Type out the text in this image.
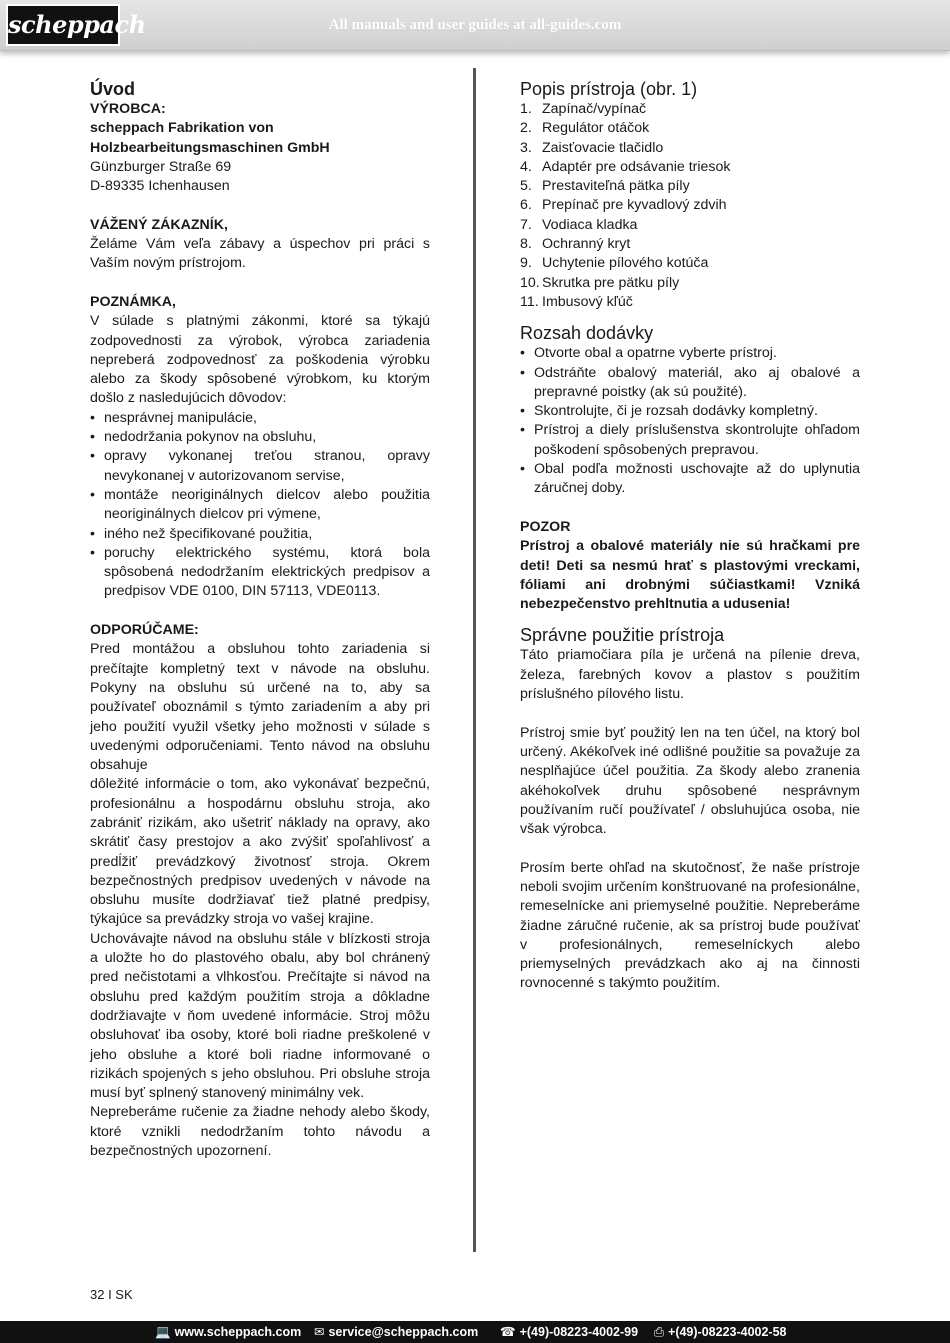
scheppach	All manuals and user guides at all-guides.com
Úvod
VÝROBCA:
scheppach Fabrikation von
Holzbearbeitungsmaschinen GmbH
Günzburger Straße 69
D-89335 Ichenhausen
VÁŽENÝ ZÁKAZNÍK,
Želáme Vám veľa zábavy a úspechov pri práci s Vaším novým prístrojom.
POZNÁMKA,
V súlade s platnými zákonmi, ktoré sa týkajú zodpovednosti za výrobok, výrobca zariadenia nepreberá zodpovednosť za poškodenia výrobku alebo za škody spôsobené výrobkom, ku ktorým došlo z nasledujúcich dôvodov:
• nesprávnej manipulácie,
• nedodržania pokynov na obsluhu,
• opravy vykonanej treťou stranou, opravy nevykonanej v autorizovanom servise,
• montáže neoriginálnych dielcov alebo použitia neoriginálnych dielcov pri výmene,
• iného než špecifikované použitia,
• poruchy elektrického systému, ktorá bola spôsobená nedodržaním elektrických predpisov a predpisov VDE 0100, DIN 57113, VDE0113.
ODPORÚČAME:
Pred montážou a obsluhou tohto zariadenia si prečítajte kompletný text v návode na obsluhu. Pokyny na obsluhu sú určené na to, aby sa používateľ oboznámil s týmto zariadením a aby pri jeho použití využil všetky jeho možnosti v súlade s uvedenými odporučeniami. Tento návod na obsluhu obsahuje
dôležité informácie o tom, ako vykonávať bezpečnú, profesionálnu a hospodárnu obsluhu stroja, ako zabrániť rizikám, ako ušetriť náklady na opravy, ako skrátiť časy prestojov a ako zvýšiť spoľahlivosť a predĺžiť prevádzkový životnosť stroja. Okrem bezpečnostných predpisov uvedených v návode na obsluhu musíte dodržiavať tiež platné predpisy, týkajúce sa prevádzky stroja vo vašej krajine.
Uchovávajte návod na obsluhu stále v blízkosti stroja a uložte ho do plastového obalu, aby bol chránený pred nečistotami a vlhkosťou. Prečítajte si návod na obsluhu pred každým použitím stroja a dôkladne dodržiavajte v ňom uvedené informácie. Stroj môžu obsluhovať iba osoby, ktoré boli riadne preškolené v jeho obsluhe a ktoré boli riadne informované o rizikách spojených s jeho obsluhou. Pri obsluhe stroja musí byť splnený stanovený minimálny vek.
Nepreberáme ručenie za žiadne nehody alebo škody, ktoré vznikli nedodržaním tohto návodu a bezpečnostných upozornení.
Popis prístroja (obr. 1)
1. Zapínač/vypínač
2. Regulátor otáčok
3. Zaisťovacie tlačidlo
4. Adaptér pre odsávanie triesok
5. Prestaviteľná pätka píly
6. Prepínač pre kyvadlový zdvih
7. Vodiaca kladka
8. Ochranný kryt
9. Uchytenie pílového kotúča
10. Skrutka pre pätku píly
11. Imbusový kľúč
Rozsah dodávky
• Otvorte obal a opatrne vyberte prístroj.
• Odstráňte obalový materiál, ako aj obalové a prepravné poistky (ak sú použité).
• Skontrolujte, či je rozsah dodávky kompletný.
• Prístroj a diely príslušenstva skontrolujte ohľadom poškodení spôsobených prepravou.
• Obal podľa možnosti uschovajte až do uplynutia záručnej doby.
POZOR
Prístroj a obalové materiály nie sú hračkami pre deti! Deti sa nesmú hrať s plastovými vreckami, fóliami ani drobnými súčiastkami! Vzniká nebezpečenstvo prehltnutia a udusenia!
Správne použitie prístroja
Táto priamočiara píla je určená na pílenie dreva, železa, farebných kovov a plastov s použitím príslušného pílového listu.
Prístroj smie byť použitý len na ten účel, na ktorý bol určený. Akékoľvek iné odlišné použitie sa považuje za nesplňajúce účel použitia. Za škody alebo zranenia akéhokoľvek druhu spôsobené nesprávnym používaním ručí používateľ / obsluhujúca osoba, nie však výrobca.
Prosím berte ohľad na skutočnosť, že naše prístroje neboli svojim určením konštruované na profesionálne, remeselnícke ani priemyselné použitie. Nepreberáme žiadne záručné ručenie, ak sa prístroj bude používať v profesionálnych, remeselníckych alebo priemyselných prevádzkach ako aj na činnosti rovnocenné s takýmto použitím.
32 I SK
💻 www.scheppach.com ✉ service@scheppach.com ☎ +(49)-08223-4002-99 ⎙ +(49)-08223-4002-58
